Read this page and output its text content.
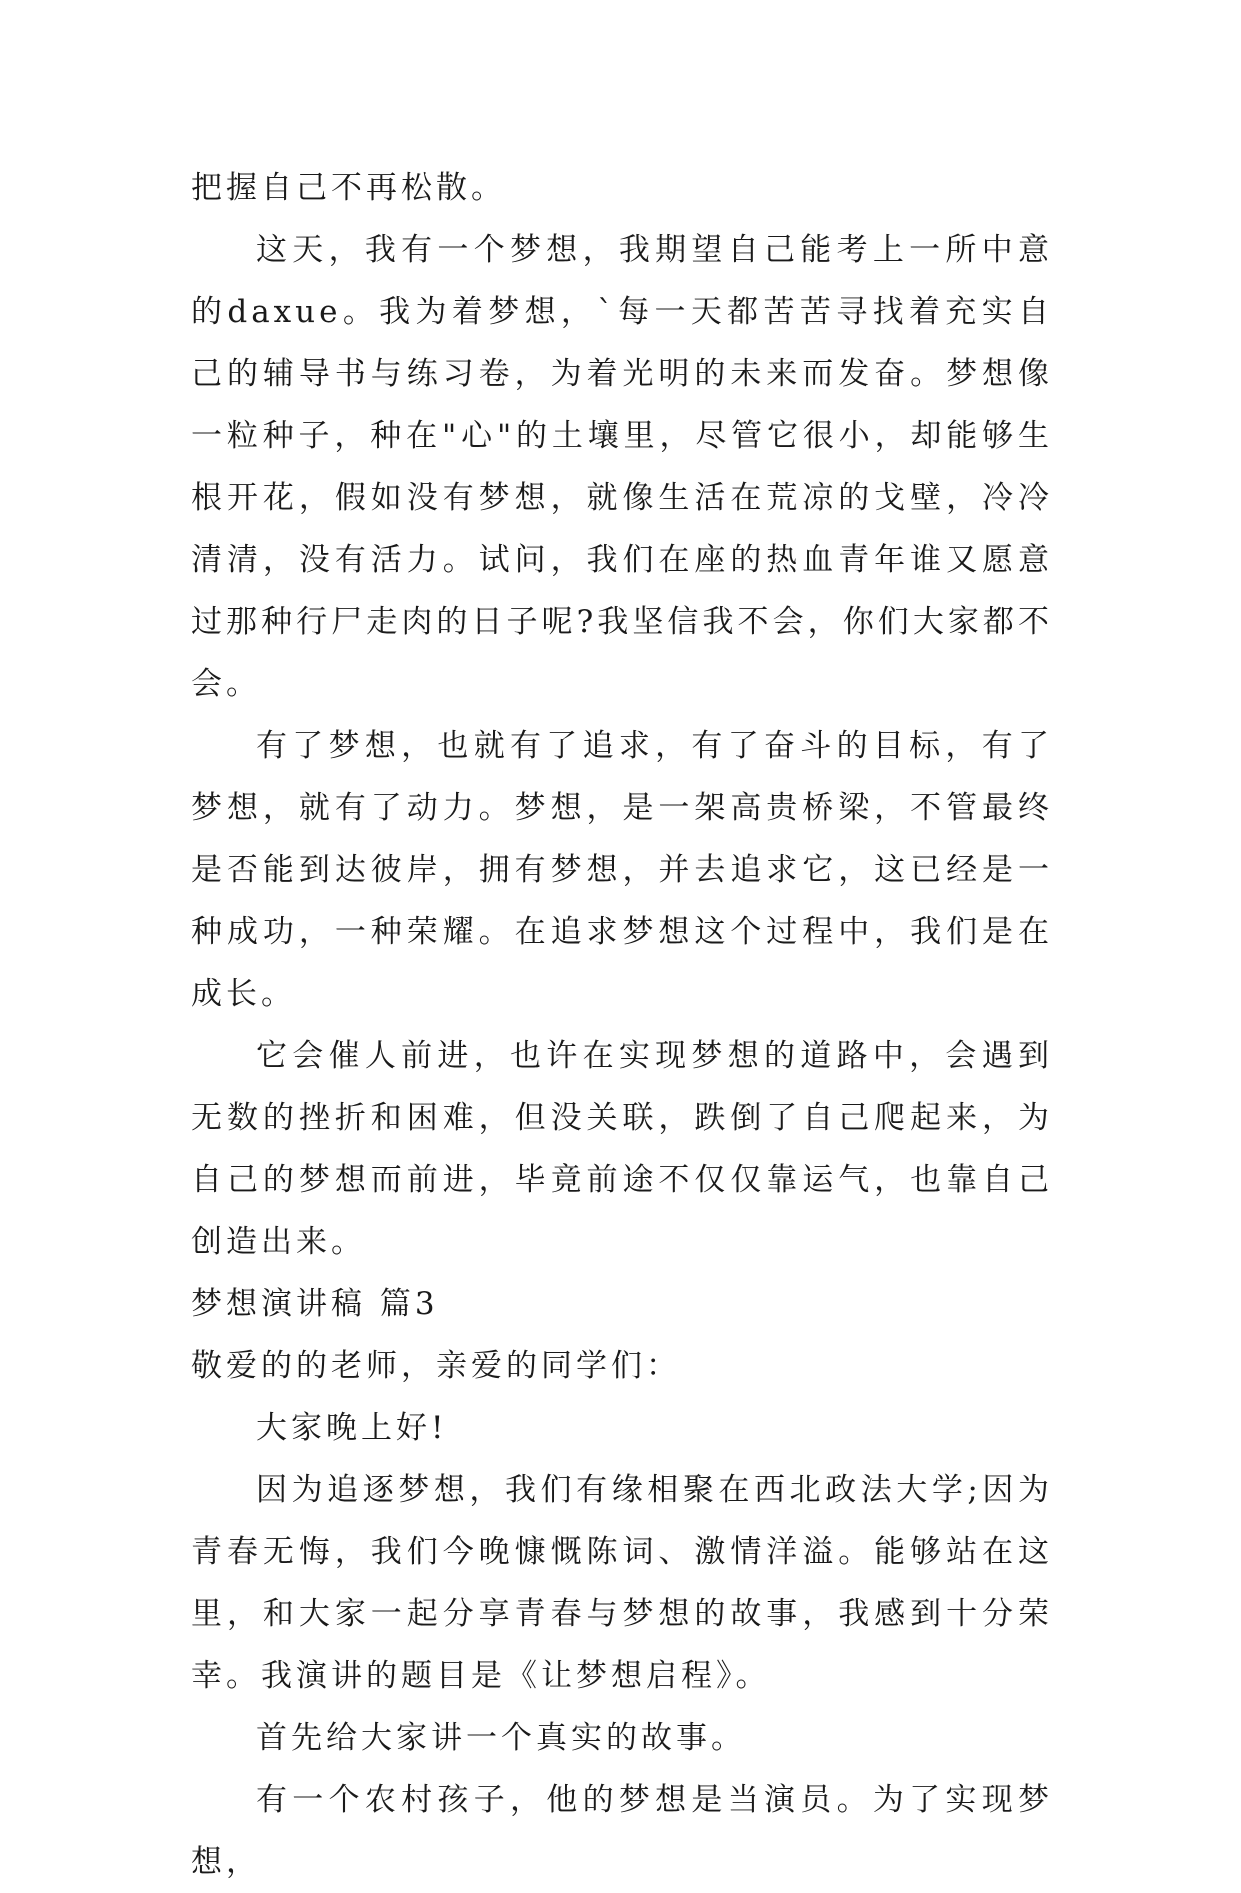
把握自己不再松散。

这天，我有一个梦想，我期望自己能考上一所中意的daxue。我为着梦想，`每一天都苦苦寻找着充实自己的辅导书与练习卷，为着光明的未来而发奋。梦想像一粒种子，种在"心"的土壤里，尽管它很小，却能够生根开花，假如没有梦想，就像生活在荒凉的戈壁，冷冷清清，没有活力。试问，我们在座的热血青年谁又愿意过那种行尸走肉的日子呢?我坚信我不会，你们大家都不会。

有了梦想，也就有了追求，有了奋斗的目标，有了梦想，就有了动力。梦想，是一架高贵桥梁，不管最终是否能到达彼岸，拥有梦想，并去追求它，这已经是一种成功，一种荣耀。在追求梦想这个过程中，我们是在成长。

它会催人前进，也许在实现梦想的道路中，会遇到无数的挫折和困难，但没关联，跌倒了自己爬起来，为自己的梦想而前进，毕竟前途不仅仅靠运气，也靠自己创造出来。

梦想演讲稿 篇3

敬爱的的老师，亲爱的同学们：

大家晚上好!

因为追逐梦想，我们有缘相聚在西北政法大学;因为青春无悔，我们今晚慷慨陈词、激情洋溢。能够站在这里，和大家一起分享青春与梦想的故事，我感到十分荣幸。我演讲的题目是《让梦想启程》。

首先给大家讲一个真实的故事。

有一个农村孩子，他的梦想是当演员。为了实现梦想，
